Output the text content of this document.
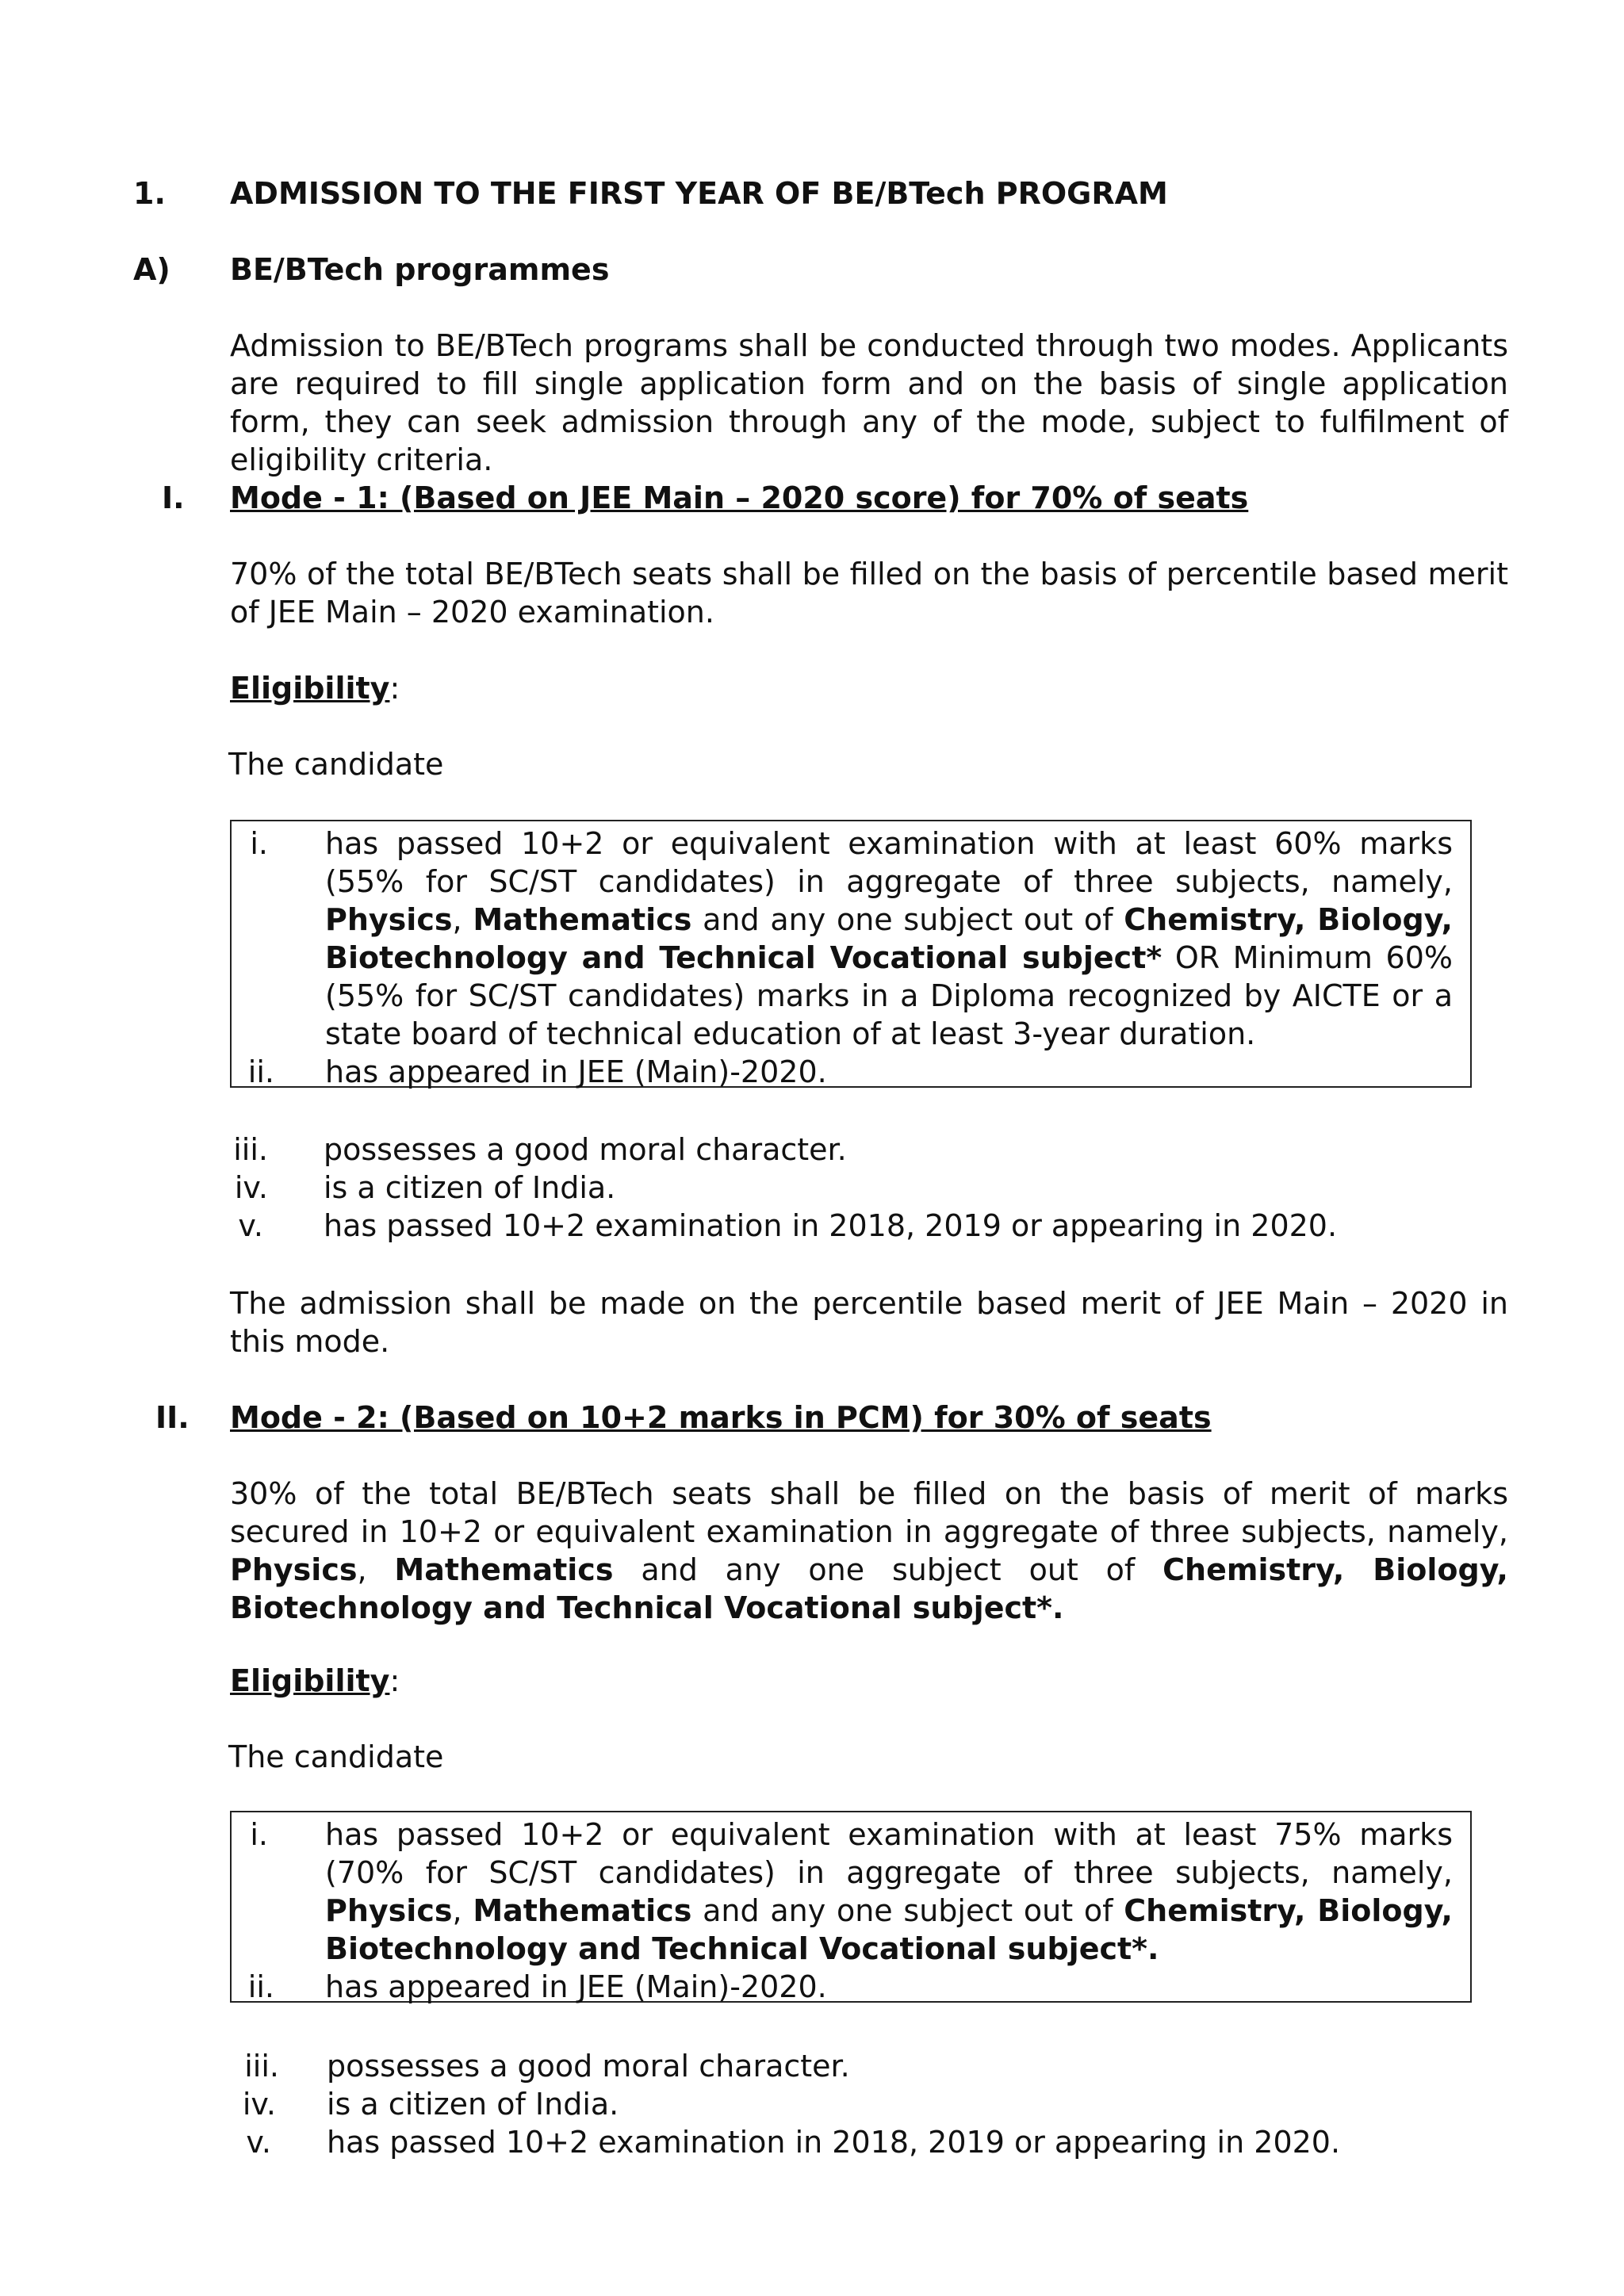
1. ADMISSION TO THE FIRST YEAR OF BE/BTech PROGRAM
A) BE/BTech programmes
Admission to BE/BTech programs shall be conducted through two modes. Applicants are required to fill single application form and on the basis of single application form, they can seek admission through any of the mode, subject to fulfilment of eligibility criteria.
I. Mode - 1: (Based on JEE Main – 2020 score) for 70% of seats
70% of the total BE/BTech seats shall be filled on the basis of percentile based merit of JEE Main – 2020 examination.
Eligibility:
The candidate
i. has passed 10+2 or equivalent examination with at least 60% marks (55% for SC/ST candidates) in aggregate of three subjects, namely, Physics, Mathematics and any one subject out of Chemistry, Biology, Biotechnology and Technical Vocational subject* OR Minimum 60% (55% for SC/ST candidates) marks in a Diploma recognized by AICTE or a state board of technical education of at least 3-year duration.
ii. has appeared in JEE (Main)-2020.
iii. possesses a good moral character.
iv. is a citizen of India.
v. has passed 10+2 examination in 2018, 2019 or appearing in 2020.
The admission shall be made on the percentile based merit of JEE Main – 2020 in this mode.
II. Mode - 2: (Based on 10+2 marks in PCM) for 30% of seats
30% of the total BE/BTech seats shall be filled on the basis of merit of marks secured in 10+2 or equivalent examination in aggregate of three subjects, namely, Physics, Mathematics and any one subject out of Chemistry, Biology, Biotechnology and Technical Vocational subject*.
Eligibility:
The candidate
i. has passed 10+2 or equivalent examination with at least 75% marks (70% for SC/ST candidates) in aggregate of three subjects, namely, Physics, Mathematics and any one subject out of Chemistry, Biology, Biotechnology and Technical Vocational subject*.
ii. has appeared in JEE (Main)-2020.
iii. possesses a good moral character.
iv. is a citizen of India.
v. has passed 10+2 examination in 2018, 2019 or appearing in 2020.
